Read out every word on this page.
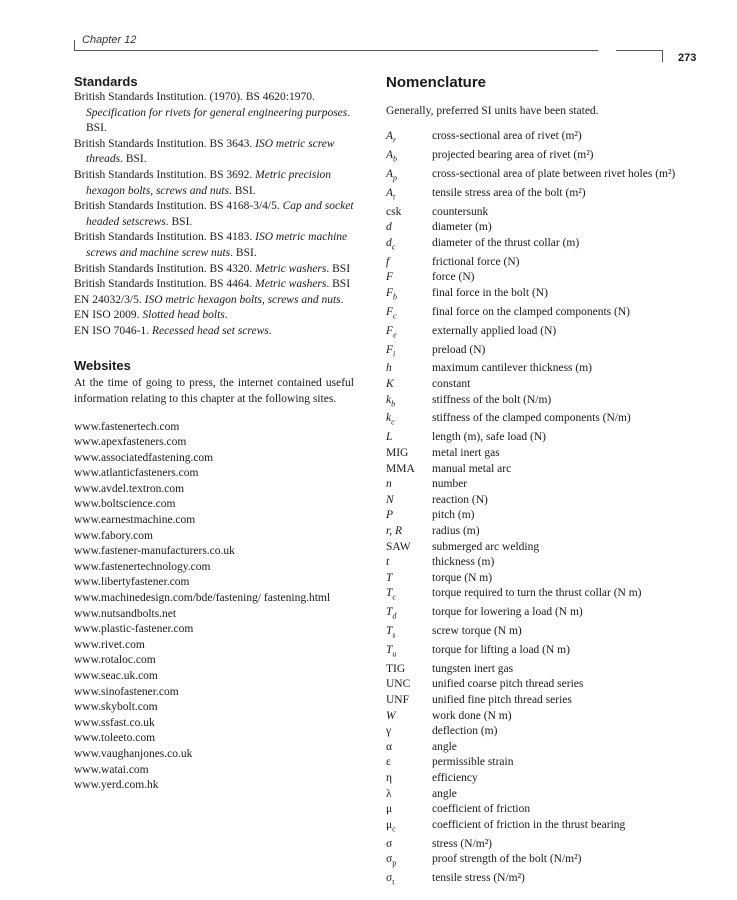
Chapter 12
273
Standards
British Standards Institution. (1970). BS 4620:1970. Specification for rivets for general engineering purposes. BSI.
British Standards Institution. BS 3643. ISO metric screw threads. BSI.
British Standards Institution. BS 3692. Metric precision hexagon bolts, screws and nuts. BSI.
British Standards Institution. BS 4168-3/4/5. Cap and socket headed setscrews. BSI.
British Standards Institution. BS 4183. ISO metric machine screws and machine screw nuts. BSI.
British Standards Institution. BS 4320. Metric washers. BSI
British Standards Institution. BS 4464. Metric washers. BSI
EN 24032/3/5. ISO metric hexagon bolts, screws and nuts.
EN ISO 2009. Slotted head bolts.
EN ISO 7046-1. Recessed head set screws.
Websites
At the time of going to press, the internet contained useful information relating to this chapter at the following sites.
www.fastenertech.com
www.apexfasteners.com
www.associatedfastening.com
www.atlanticfasteners.com
www.avdel.textron.com
www.boltscience.com
www.earnestmachine.com
www.fabory.com
www.fastener-manufacturers.co.uk
www.fastenertechnology.com
www.libertyfastener.com
www.machinedesign.com/bde/fastening/ fastening.html
www.nutsandbolts.net
www.plastic-fastener.com
www.rivet.com
www.rotaloc.com
www.seac.uk.com
www.sinofastener.com
www.skybolt.com
www.ssfast.co.uk
www.toleeto.com
www.vaughanjones.co.uk
www.watai.com
www.yerd.com.hk
Nomenclature
Generally, preferred SI units have been stated.
$A_r$	cross-sectional area of rivet (m²)
$A_b$	projected bearing area of rivet (m²)
$A_p$	cross-sectional area of plate between rivet holes (m²)
$A_t$	tensile stress area of the bolt (m²)
csk	countersunk
d	diameter (m)
$d_c$	diameter of the thrust collar (m)
f	frictional force (N)
F	force (N)
$F_b$	final force in the bolt (N)
$F_c$	final force on the clamped components (N)
$F_e$	externally applied load (N)
$F_i$	preload (N)
h	maximum cantilever thickness (m)
K	constant
$k_b$	stiffness of the bolt (N/m)
$k_c$	stiffness of the clamped components (N/m)
L	length (m), safe load (N)
MIG	metal inert gas
MMA	manual metal arc
n	number
N	reaction (N)
P	pitch (m)
r, R	radius (m)
SAW	submerged arc welding
t	thickness (m)
T	torque (N m)
$T_c$	torque required to turn the thrust collar (N m)
$T_d$	torque for lowering a load (N m)
$T_s$	screw torque (N m)
$T_u$	torque for lifting a load (N m)
TIG	tungsten inert gas
UNC	unified coarse pitch thread series
UNF	unified fine pitch thread series
W	work done (N m)
γ	deflection (m)
α	angle
ε	permissible strain
η	efficiency
λ	angle
μ	coefficient of friction
$\mu_c$	coefficient of friction in the thrust bearing
σ	stress (N/m²)
$\sigma_p$	proof strength of the bolt (N/m²)
$\sigma_t$	tensile stress (N/m²)
